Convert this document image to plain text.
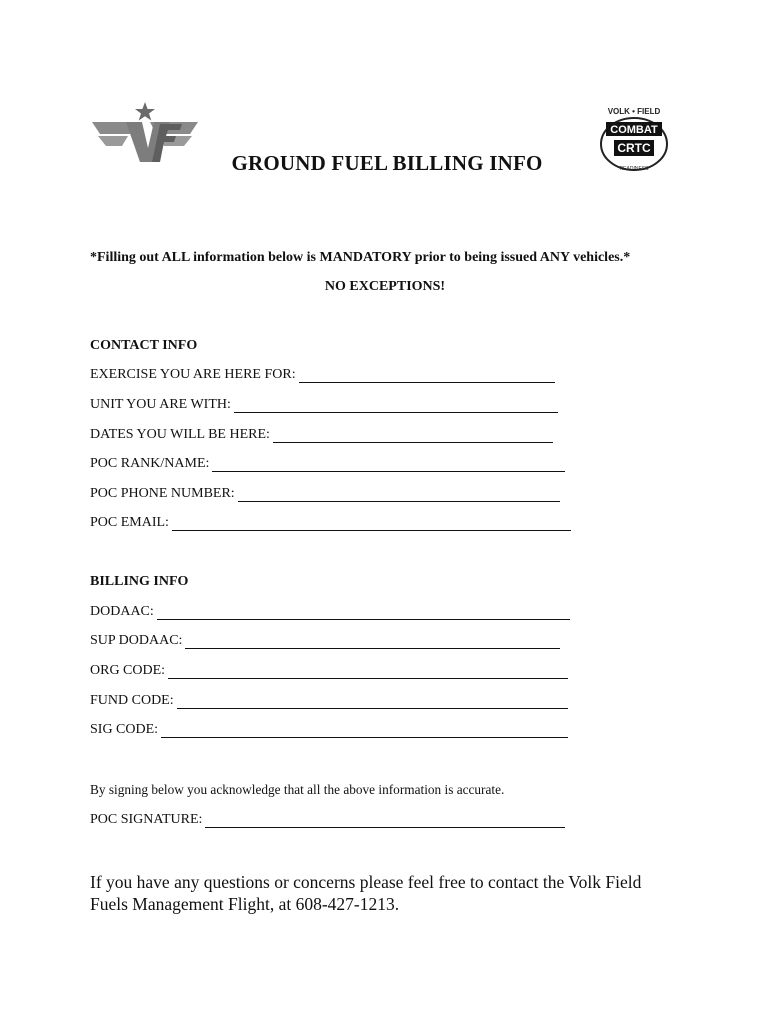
VOLK • FIELD
COMBAT
CRTC
READINESS
GROUND FUEL BILLING INFO
*Filling out ALL information below is MANDATORY prior to being issued ANY vehicles.*
NO EXCEPTIONS!
CONTACT INFO
EXERCISE YOU ARE HERE FOR:
UNIT YOU ARE WITH:
DATES YOU WILL BE HERE:
POC RANK/NAME:
POC PHONE NUMBER:
POC EMAIL:
BILLING INFO
DODAAC:
SUP DODAAC:
ORG CODE:
FUND CODE:
SIG CODE:
By signing below you acknowledge that all the above information is accurate.
POC SIGNATURE:
If you have any questions or concerns please feel free to contact the Volk Field
Fuels Management Flight, at 608-427-1213.
